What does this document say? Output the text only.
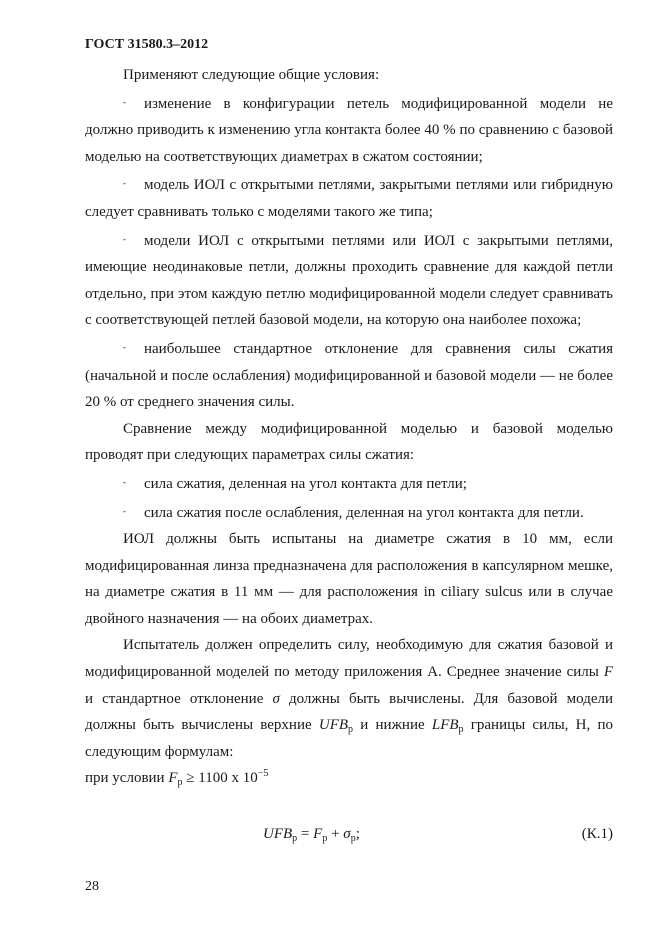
ГОСТ 31580.3–2012

Применяют следующие общие условия:

- изменение в конфигурации петель модифицированной модели не должно приводить к изменению угла контакта более 40 % по сравнению с базовой моделью на соответствующих диаметрах в сжатом состоянии;

- модель ИОЛ с открытыми петлями, закрытыми петлями или гибридную следует сравнивать только с моделями такого же типа;

- модели ИОЛ с открытыми петлями или ИОЛ с закрытыми петлями, имеющие неодинаковые петли, должны проходить сравнение для каждой петли отдельно, при этом каждую петлю модифицированной модели следует сравнивать с соответствующей петлей базовой модели, на которую она наиболее похожа;

- наибольшее стандартное отклонение для сравнения силы сжатия (начальной и после ослабления) модифицированной и базовой модели — не более 20 % от среднего значения силы.

Сравнение между модифицированной моделью и базовой моделью проводят при следующих параметрах силы сжатия:

- сила сжатия, деленная на угол контакта для петли;

- сила сжатия после ослабления, деленная на угол контакта для петли.

ИОЛ должны быть испытаны на диаметре сжатия в 10 мм, если модифицированная линза предназначена для расположения в капсулярном мешке, на диаметре сжатия в 11 мм — для расположения in ciliary sulcus или в случае двойного назначения — на обоих диаметрах.

Испытатель должен определить силу, необходимую для сжатия базовой и модифицированной моделей по методу приложения А. Среднее значение силы F и стандартное отклонение σ должны быть вычислены. Для базовой модели должны быть вычислены верхние $UFB_р$ и нижние $LFB_р$ границы силы, Н, по следующим формулам:

при условии $F_р \ge 1100$ х $10^{-5}$

$UFB_р = F_р + \sigma_р$;	(К.1)
28
